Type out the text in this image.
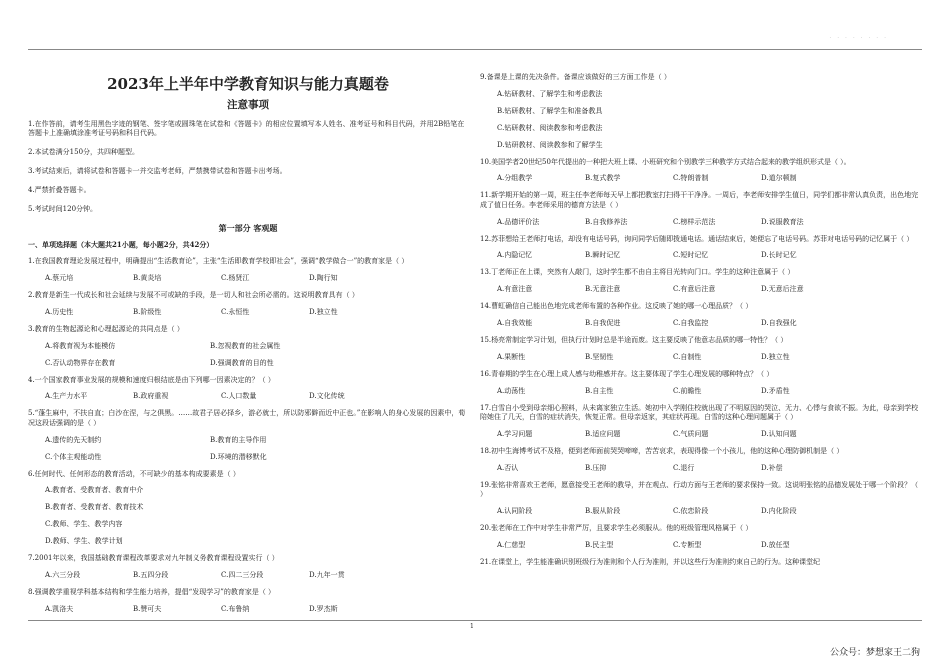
· · · · · · · ·
2023年上半年中学教育知识与能力真题卷
注意事项
1.在作答前，请考生用黑色字迹的钢笔、签字笔或圆珠笔在试卷和《答题卡》的相应位置填写本人姓名、准考证号和科目代码，并用2B铅笔在答题卡上准确填涂准考证号码和科目代码。
2.本试卷满分150分，共四种题型。
3.考试结束后，请将试卷和答题卡一并交监考老师，严禁携带试卷和答题卡出考场。
4.严禁折叠答题卡。
5.考试时间120分钟。
第一部分 客观题
一、单项选择题（本大题共21小题，每小题2分，共42分）
1.在我国教育理论发展过程中，明确提出“生活教育论”，主张“生活即教育学校即社会”，强调“教学做合一”的教育家是（ ）
A.蔡元培	B.黄炎培	C.杨贤江	D.陶行知
2.教育是新生一代成长和社会延续与发展不可或缺的手段，是一切人和社会所必需的。这说明教育具有（ ）
A.历史性	B.阶级性	C.永恒性	D.独立性
3.教育的生物起源论和心理起源论的共同点是（ ）
A.将教育视为本能模仿	B.忽视教育的社会属性
C.否认动物界存在教育	D.强调教育的目的性
4.一个国家教育事业发展的规模和速度归根结底是由下列哪一因素决定的？（ ）
A.生产力水平	B.政府重视	C.人口数量	D.文化传统
5.“蓬生麻中，不扶自直；白沙在涅，与之俱黑。……故君子居必择乡，游必就士，所以防邪僻而近中正也。”在影响人的身心发展的因素中，荀况这段话强调的是（ ）
A.遗传的先天制约	B.教育的主导作用
C.个体主观能动性	D.环境的潜移默化
6.任何时代、任何形态的教育活动，不可缺少的基本构成要素是（ ）
A.教育者、受教育者、教育中介
B.教育者、受教育者、教育技术
C.教师、学生、教学内容
D.教师、学生、教学计划
7.2001年以来，我国基础教育课程改革要求对九年制义务教育课程设置实行（ ）
A.六三分段	B.五四分段	C.四二三分段	D.九年一贯
8.强调教学重视学科基本结构和学生能力培养，提倡“发现学习”的教育家是（ ）
A.凯洛夫	B.赞可夫	C.布鲁纳	D.罗杰斯
9.备课是上课的先决条件。备课应该做好的三方面工作是（ ）
A.钻研教材、了解学生和考虑教法
B.钻研教材、了解学生和准备教具
C.钻研教材、阅读教参和考虑教法
D.钻研教材、阅读教参和了解学生
10.美国学者20世纪50年代提出的一种把大班上课、小班研究和个别教学三种教学方式结合起来的教学组织形式是（ ）。
A.分组教学	B.复式教学	C.特朗普制	D.道尔顿制
11.新学期开始的第一周，班主任李老师每天早上都把教室打扫得干干净净。一周后，李老师安排学生值日，同学们都非常认真负责，出色地完成了值日任务。李老师采用的德育方法是（ ）
A.品德评价法	B.自我修养法	C.榜样示范法	D.说服教育法
12.苏菲想给王老师打电话，却没有电话号码，询问同学后随即拨通电话。通话结束后，她便忘了电话号码。苏菲对电话号码的记忆属于（ ）
A.内隐记忆	B.瞬时记忆	C.短时记忆	D.长时记忆
13.丁老师正在上课，突然有人敲门，这时学生都不由自主将目光转向门口。学生的这种注意属于（ ）
A.有意注意	B.无意注意	C.有意后注意	D.无意后注意
14.曹虹确信自己能出色地完成老师布置的各种作业。这反映了她的哪一心理品质？（ ）
A.自我效能	B.自我促进	C.自我监控	D.自我强化
15.杨亮常制定学习计划，但执行计划时总是半途而废。这主要反映了他意志品质的哪一特性？（ ）
A.果断性	B.坚韧性	C.自制性	D.独立性
16.青春期的学生在心理上成人感与幼稚感并存。这主要体现了学生心理发展的哪种特点？（ ）
A.动荡性	B.自主性	C.前瞻性	D.矛盾性
17.白雪自小受到母亲细心照料，从未离家独立生活。她初中入学刚住校就出现了不明原因的哭泣、无力、心悸与食欲不振。为此，母亲到学校陪她住了几天，白雪的症状消失，恢复正常。但母亲返家，其症状再现。白雪的这种心理问题属于（ ）
A.学习问题	B.适应问题	C.气质问题	D.认知问题
18.初中生海博考试不及格，便到老师面前哭哭啼啼，苦苦哀求，表现得像一个小孩儿，他的这种心理防御机制是（ ）
A.否认	B.压抑	C.退行	D.补偿
19.张铭非常喜欢王老师，愿意接受王老师的教导，并在观点、行动方面与王老师的要求保持一致。这说明张铭的品德发展处于哪一个阶段？（ ）
A.认同阶段	B.服从阶段	C.依恋阶段	D.内化阶段
20.张老师在工作中对学生非常严厉，且要求学生必须服从。他的班级管理风格属于（ ）
A.仁慈型	B.民主型	C.专断型	D.放任型
21.在课堂上，学生能准确识别班级行为准则和个人行为准则，并以这些行为准则约束自己的行为。这种课堂纪
1
公众号：梦想家王二狗
